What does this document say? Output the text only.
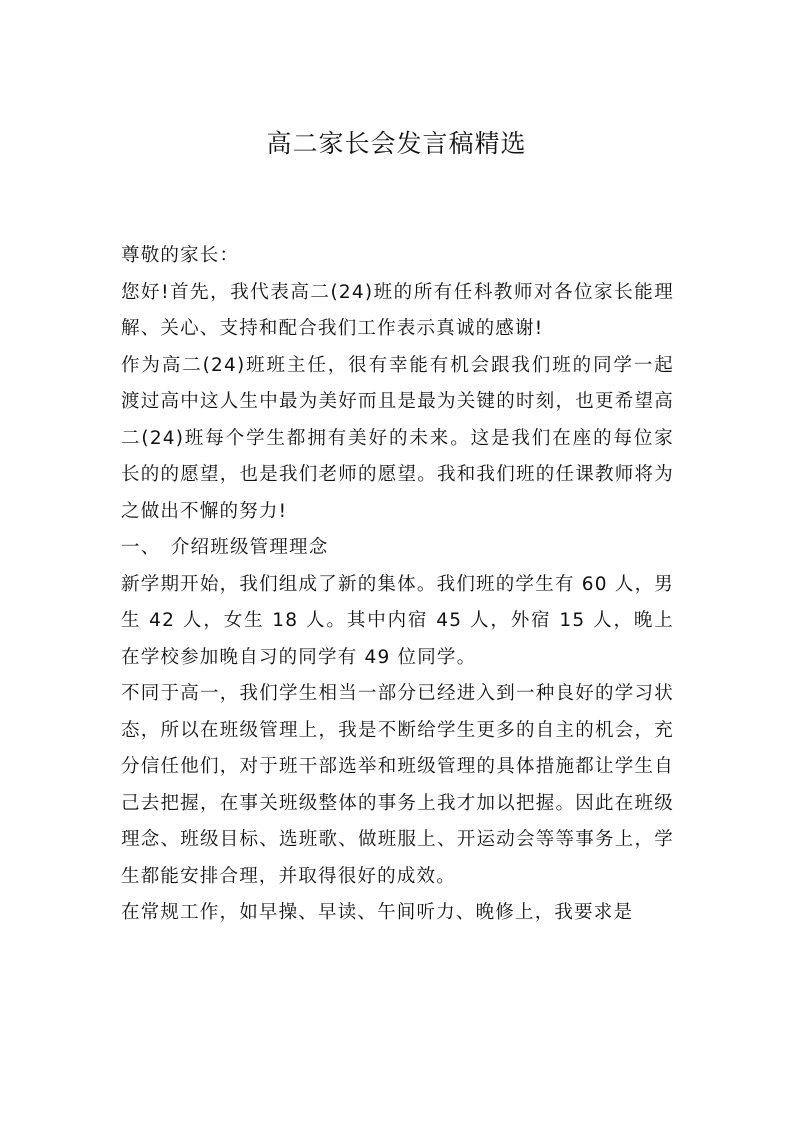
高二家长会发言稿精选

尊敬的家长：

您好!首先，我代表高二(24)班的所有任科教师对各位家长能理解、关心、支持和配合我们工作表示真诚的感谢!

作为高二(24)班班主任，很有幸能有机会跟我们班的同学一起渡过高中这人生中最为美好而且是最为关键的时刻，也更希望高二(24)班每个学生都拥有美好的未来。这是我们在座的每位家长的的愿望，也是我们老师的愿望。我和我们班的任课教师将为之做出不懈的努力!

一、　介绍班级管理理念

新学期开始，我们组成了新的集体。我们班的学生有 60 人，男生 42 人，女生 18 人。其中内宿 45 人，外宿 15 人，晚上在学校参加晚自习的同学有 49 位同学。

不同于高一，我们学生相当一部分已经进入到一种良好的学习状态，所以在班级管理上，我是不断给学生更多的自主的机会，充分信任他们，对于班干部选举和班级管理的具体措施都让学生自己去把握，在事关班级整体的事务上我才加以把握。因此在班级理念、班级目标、选班歌、做班服上、开运动会等等事务上，学生都能安排合理，并取得很好的成效。

在常规工作，如早操、早读、午间听力、晚修上，我要求是
